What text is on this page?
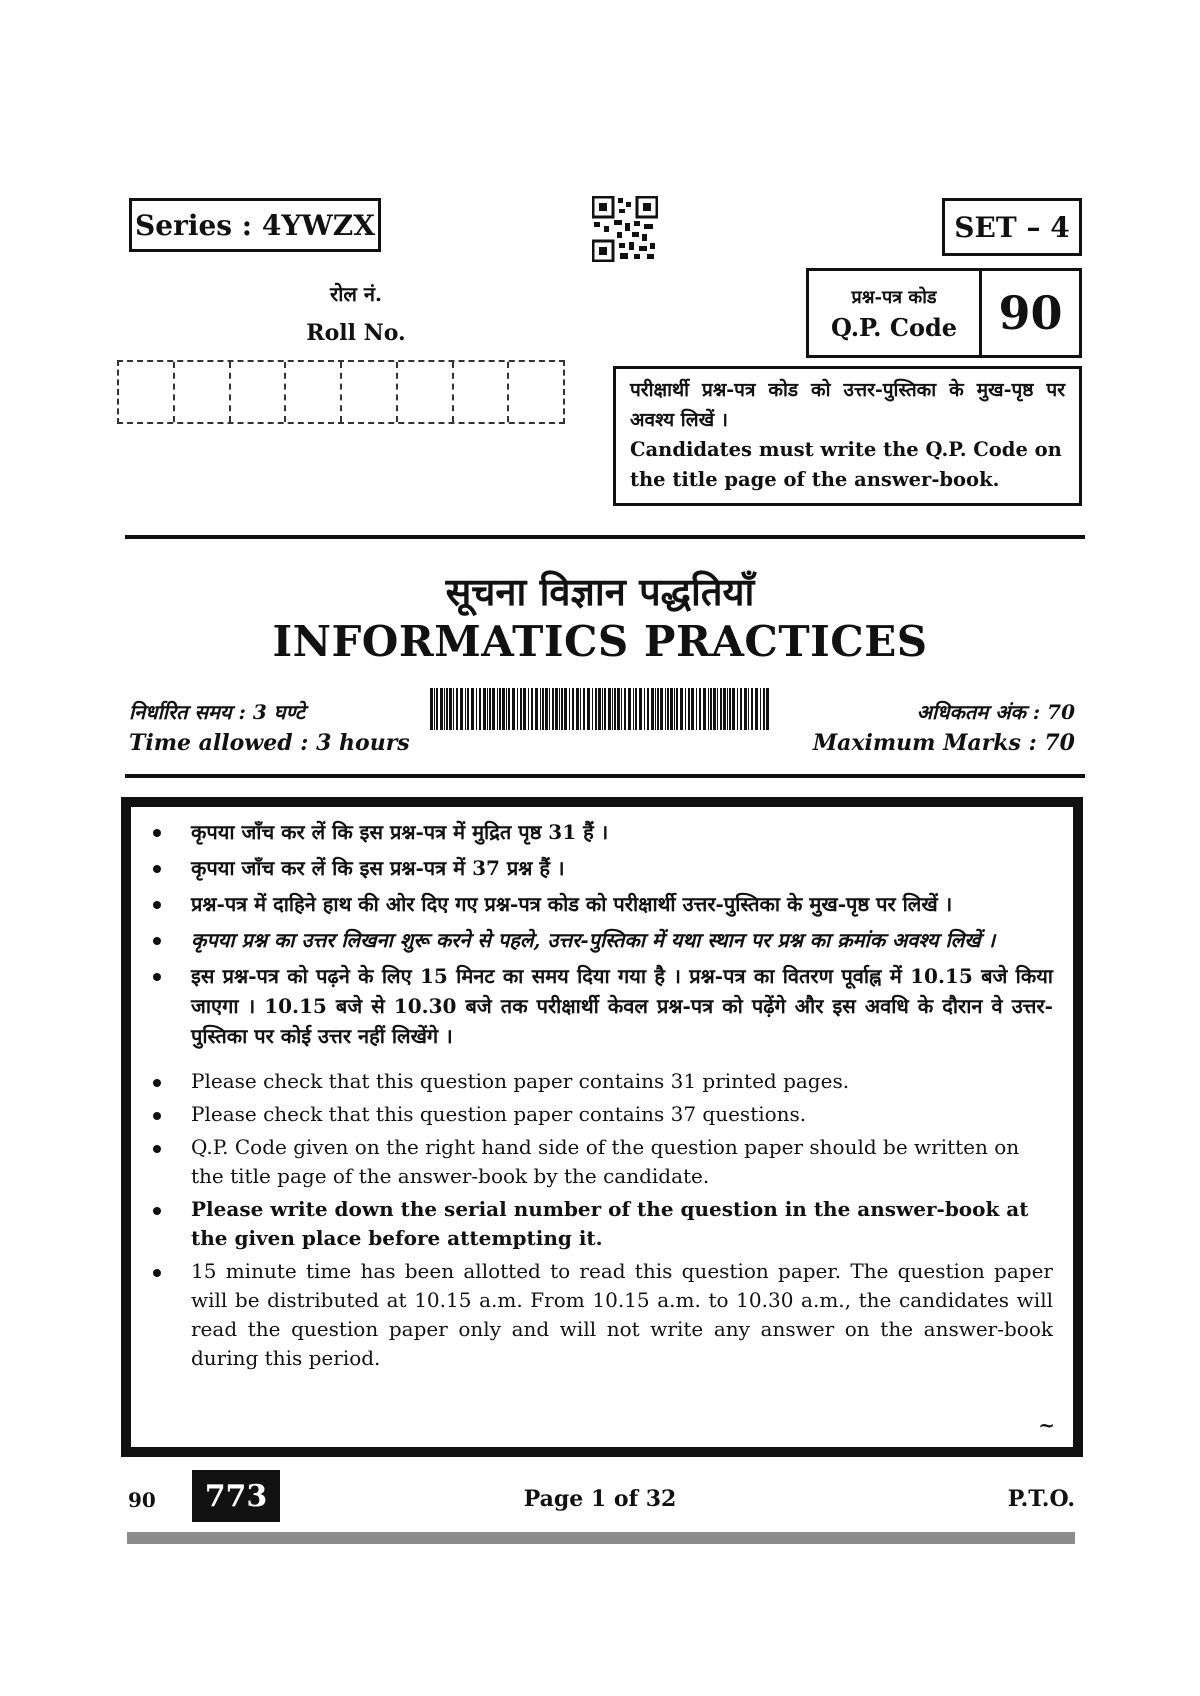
Series : 4YWZX	SET – 4
रोल नं.
Roll No.
प्रश्न-पत्र कोड
Q.P. Code 90
परीक्षार्थी प्रश्न-पत्र कोड को उत्तर-पुस्तिका के मुख-पृष्ठ पर अवश्य लिखें ।
Candidates must write the Q.P. Code on the title page of the answer-book.
सूचना विज्ञान पद्धतियाँ
INFORMATICS PRACTICES
निर्धारित समय : 3 घण्टे
Time allowed : 3 hours
अधिकतम अंक : 70
Maximum Marks : 70
कृपया जाँच कर लें कि इस प्रश्न-पत्र में मुद्रित पृष्ठ 31 हैं ।
कृपया जाँच कर लें कि इस प्रश्न-पत्र में 37 प्रश्न हैं ।
प्रश्न-पत्र में दाहिने हाथ की ओर दिए गए प्रश्न-पत्र कोड को परीक्षार्थी उत्तर-पुस्तिका के मुख-पृष्ठ पर लिखें ।
कृपया प्रश्न का उत्तर लिखना शुरू करने से पहले, उत्तर-पुस्तिका में यथा स्थान पर प्रश्न का क्रमांक अवश्य लिखें ।
इस प्रश्न-पत्र को पढ़ने के लिए 15 मिनट का समय दिया गया है । प्रश्न-पत्र का वितरण पूर्वाह्न में 10.15 बजे किया जाएगा । 10.15 बजे से 10.30 बजे तक परीक्षार्थी केवल प्रश्न-पत्र को पढ़ेंगे और इस अवधि के दौरान वे उत्तर-पुस्तिका पर कोई उत्तर नहीं लिखेंगे ।
Please check that this question paper contains 31 printed pages.
Please check that this question paper contains 37 questions.
Q.P. Code given on the right hand side of the question paper should be written on the title page of the answer-book by the candidate.
Please write down the serial number of the question in the answer-book at the given place before attempting it.
15 minute time has been allotted to read this question paper. The question paper will be distributed at 10.15 a.m. From 10.15 a.m. to 10.30 a.m., the candidates will read the question paper only and will not write any answer on the answer-book during this period.
~
90	773	Page 1 of 32	P.T.O.
